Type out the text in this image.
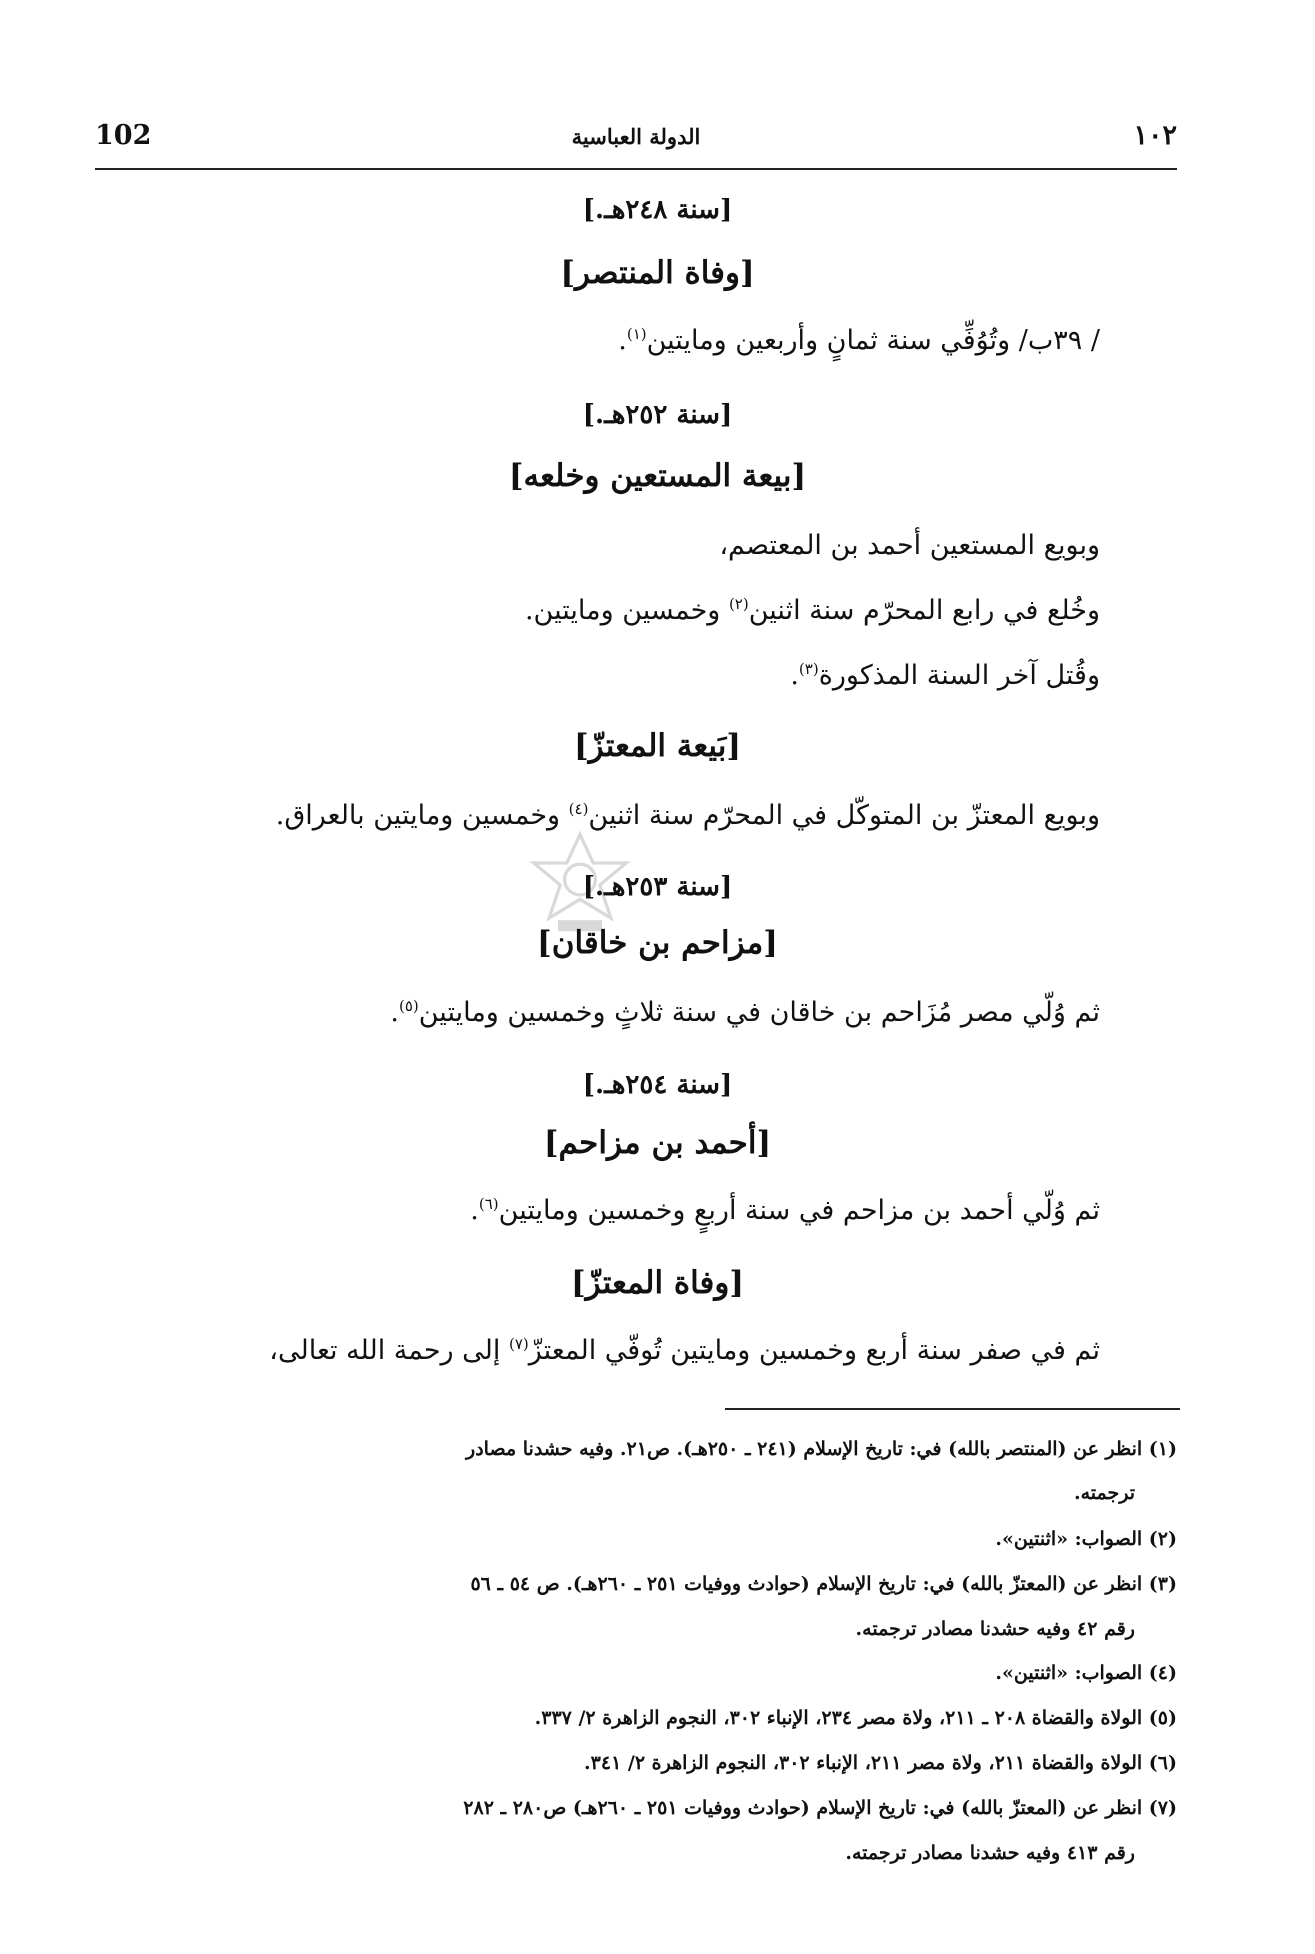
102	الدولة العباسية	١٠٢
[سنة ٢٤٨هـ.]
[وفاة المنتصر]
/ ٣٩ب/ وتُوُفِّي سنة ثمانٍ وأربعين ومايتين$^{(١)}$.
[سنة ٢٥٢هـ.]
[بيعة المستعين وخلعه]
وبويع المستعين أحمد بن المعتصم،
وخُلع في رابع المحرّم سنة اثنين$^{(٢)}$ وخمسين ومايتين.
وقُتل آخر السنة المذكورة$^{(٣)}$.
[بَيعة المعتزّ]
وبويع المعتزّ بن المتوكّل في المحرّم سنة اثنين$^{(٤)}$ وخمسين ومايتين بالعراق.
[سنة ٢٥٣هـ.]
[مزاحم بن خاقان]
ثم وُلّي مصر مُزَاحم بن خاقان في سنة ثلاثٍ وخمسين ومايتين$^{(٥)}$.
[سنة ٢٥٤هـ.]
[أحمد بن مزاحم]
ثم وُلّي أحمد بن مزاحم في سنة أربعٍ وخمسين ومايتين$^{(٦)}$.
[وفاة المعتزّ]
ثم في صفر سنة أربع وخمسين ومايتين تُوفّي المعتزّ$^{(٧)}$ إلى رحمة الله تعالى،
(١) انظر عن (المنتصر بالله) في: تاريخ الإسلام (٢٤١ ـ ٢٥٠هـ). ص٢١. وفيه حشدنا مصادر
ترجمته.
(٢) الصواب: «اثنتين».
(٣) انظر عن (المعتزّ بالله) في: تاريخ الإسلام (حوادث ووفيات ٢٥١ ـ ٢٦٠هـ). ص ٥٤ ـ ٥٦
رقم ٤٢ وفيه حشدنا مصادر ترجمته.
(٤) الصواب: «اثنتين».
(٥) الولاة والقضاة ٢٠٨ ـ ٢١١، ولاة مصر ٢٣٤، الإنباء ٣٠٢، النجوم الزاهرة ٢/ ٣٣٧.
(٦) الولاة والقضاة ٢١١، ولاة مصر ٢١١، الإنباء ٣٠٢، النجوم الزاهرة ٢/ ٣٤١.
(٧) انظر عن (المعتزّ بالله) في: تاريخ الإسلام (حوادث ووفيات ٢٥١ ـ ٢٦٠هـ) ص٢٨٠ ـ ٢٨٢
رقم ٤١٣ وفيه حشدنا مصادر ترجمته.
